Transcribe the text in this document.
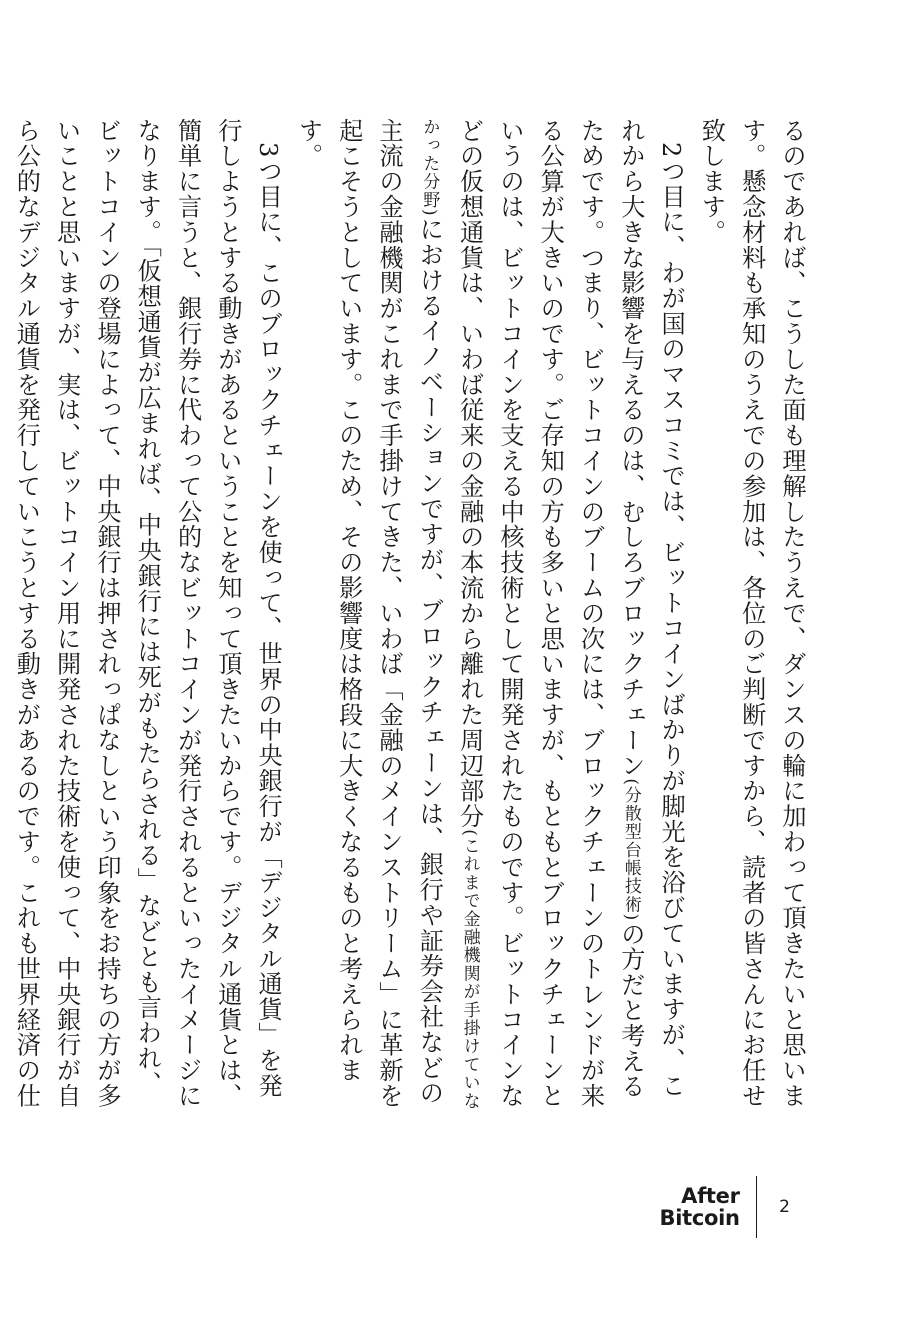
るのであれば、こうした面も理解したうえで、ダンスの輪に加わって頂きたいと思います。懸念材料も承知のうえでの参加は、各位のご判断ですから、読者の皆さんにお任せ致します。

2つ目に、わが国のマスコミでは、ビットコインばかりが脚光を浴びていますが、これから大きな影響を与えるのは、むしろブロックチェーン(分散型台帳技術)の方だと考えるためです。つまり、ビットコインのブームの次には、ブロックチェーンのトレンドが来る公算が大きいのです。ご存知の方も多いと思いますが、もともとブロックチェーンというのは、ビットコインを支える中核技術として開発されたものです。ビットコインなどの仮想通貨は、いわば従来の金融の本流から離れた周辺部分(これまで金融機関が手掛けていなかった分野)におけるイノベーションですが、ブロックチェーンは、銀行や証券会社などの主流の金融機関がこれまで手掛けてきた、いわば「金融のメインストリーム」に革新を起こそうとしています。このため、その影響度は格段に大きくなるものと考えられます。

3つ目に、このブロックチェーンを使って、世界の中央銀行が「デジタル通貨」を発行しようとする動きがあるということを知って頂きたいからです。デジタル通貨とは、簡単に言うと、銀行券に代わって公的なビットコインが発行されるといったイメージになります。「仮想通貨が広まれば、中央銀行には死がもたらされる」などとも言われ、ビットコインの登場によって、中央銀行は押されっぱなしという印象をお持ちの方が多いことと思いますが、実は、ビットコイン用に開発された技術を使って、中央銀行が自ら公的なデジタル通貨を発行していこうとする動きがあるのです。これも世界経済の仕

After
Bitcoin	2
